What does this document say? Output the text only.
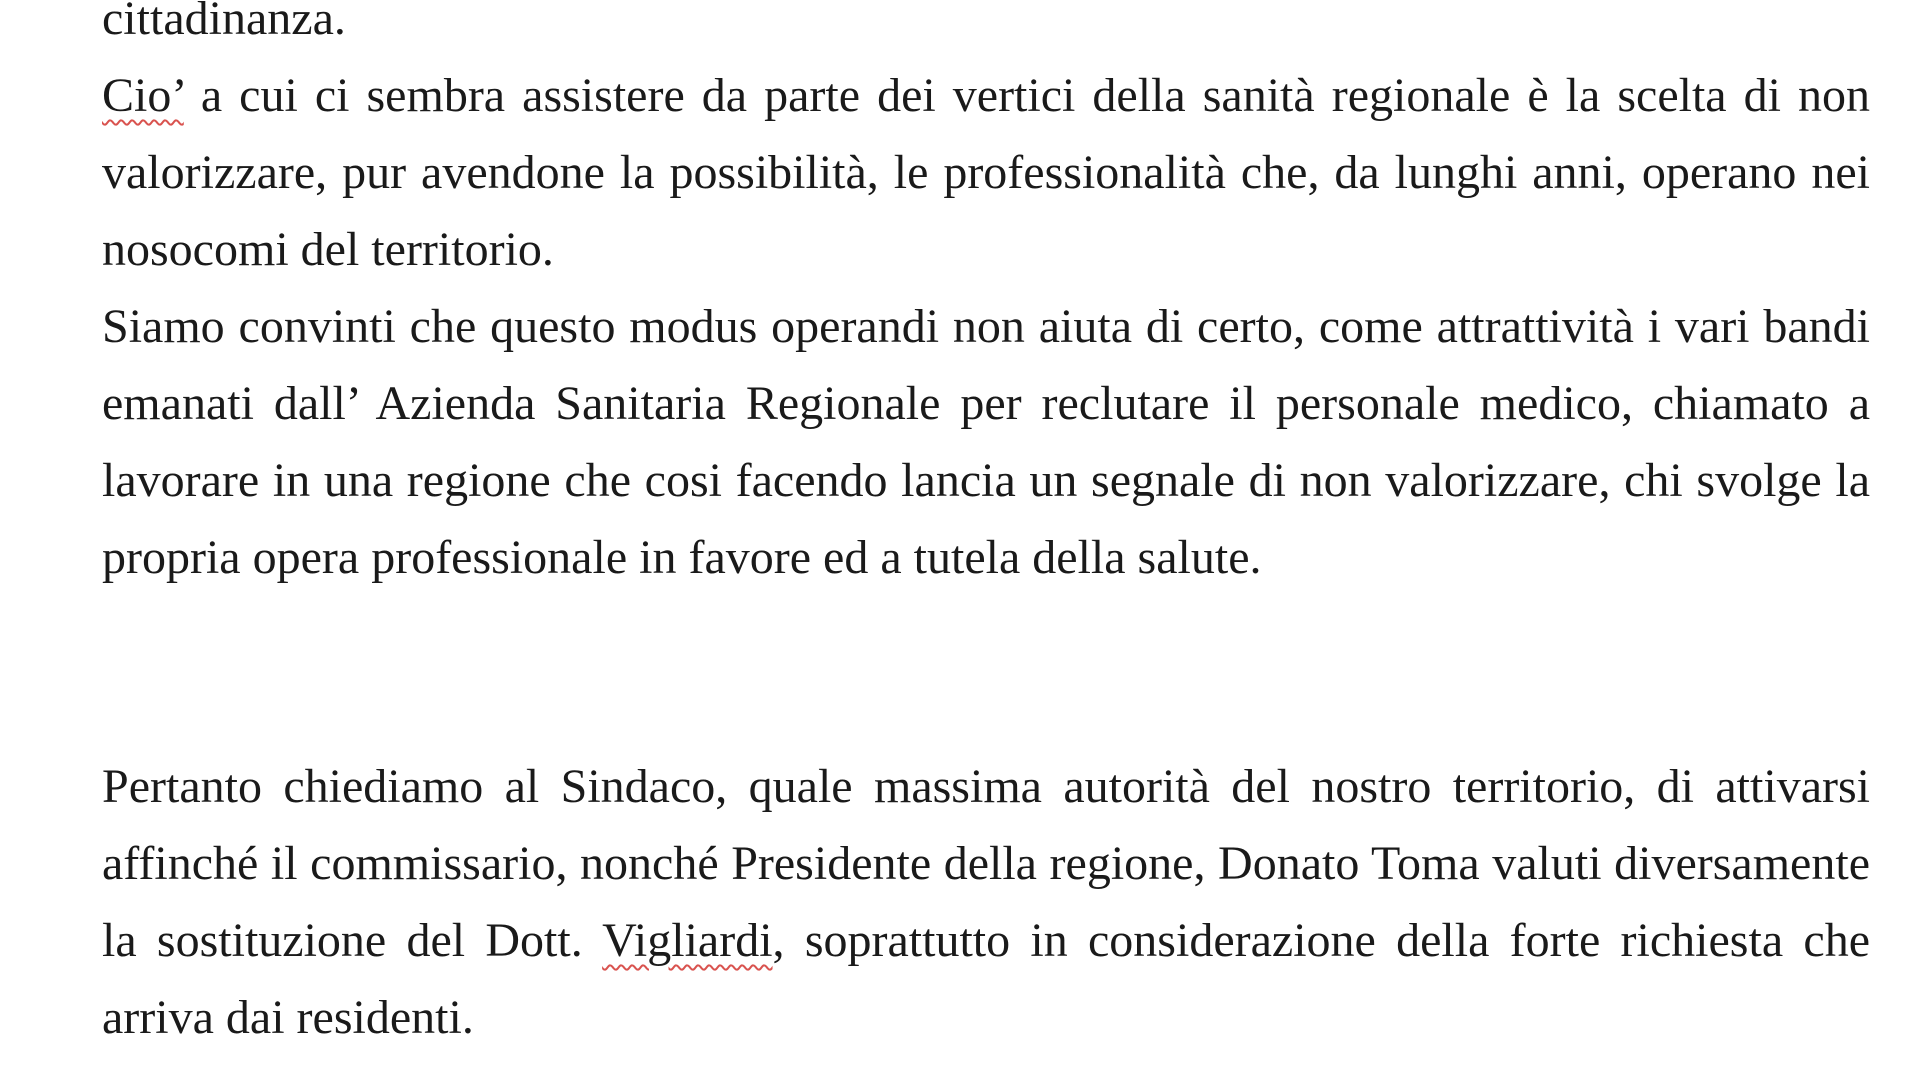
cittadinanza.

Cio’ a cui ci sembra assistere da parte dei vertici della sanità regionale è la scelta di non valorizzare, pur avendone la possibilità, le professionalità che, da lunghi anni, operano nei nosocomi del territorio.

Siamo convinti che questo modus operandi non aiuta di certo, come attrattività i vari bandi emanati dall’ Azienda Sanitaria Regionale per reclutare il personale medico, chiamato a lavorare in una regione che cosi facendo lancia un segnale di non valorizzare, chi svolge la propria opera professionale in favore ed a tutela della salute.

Pertanto chiediamo al Sindaco, quale massima autorità del nostro territorio, di attivarsi affinché il commissario, nonché Presidente della regione, Donato Toma valuti diversamente la sostituzione del Dott. Vigliardi, soprattutto in considerazione della forte richiesta che arriva dai residenti.
